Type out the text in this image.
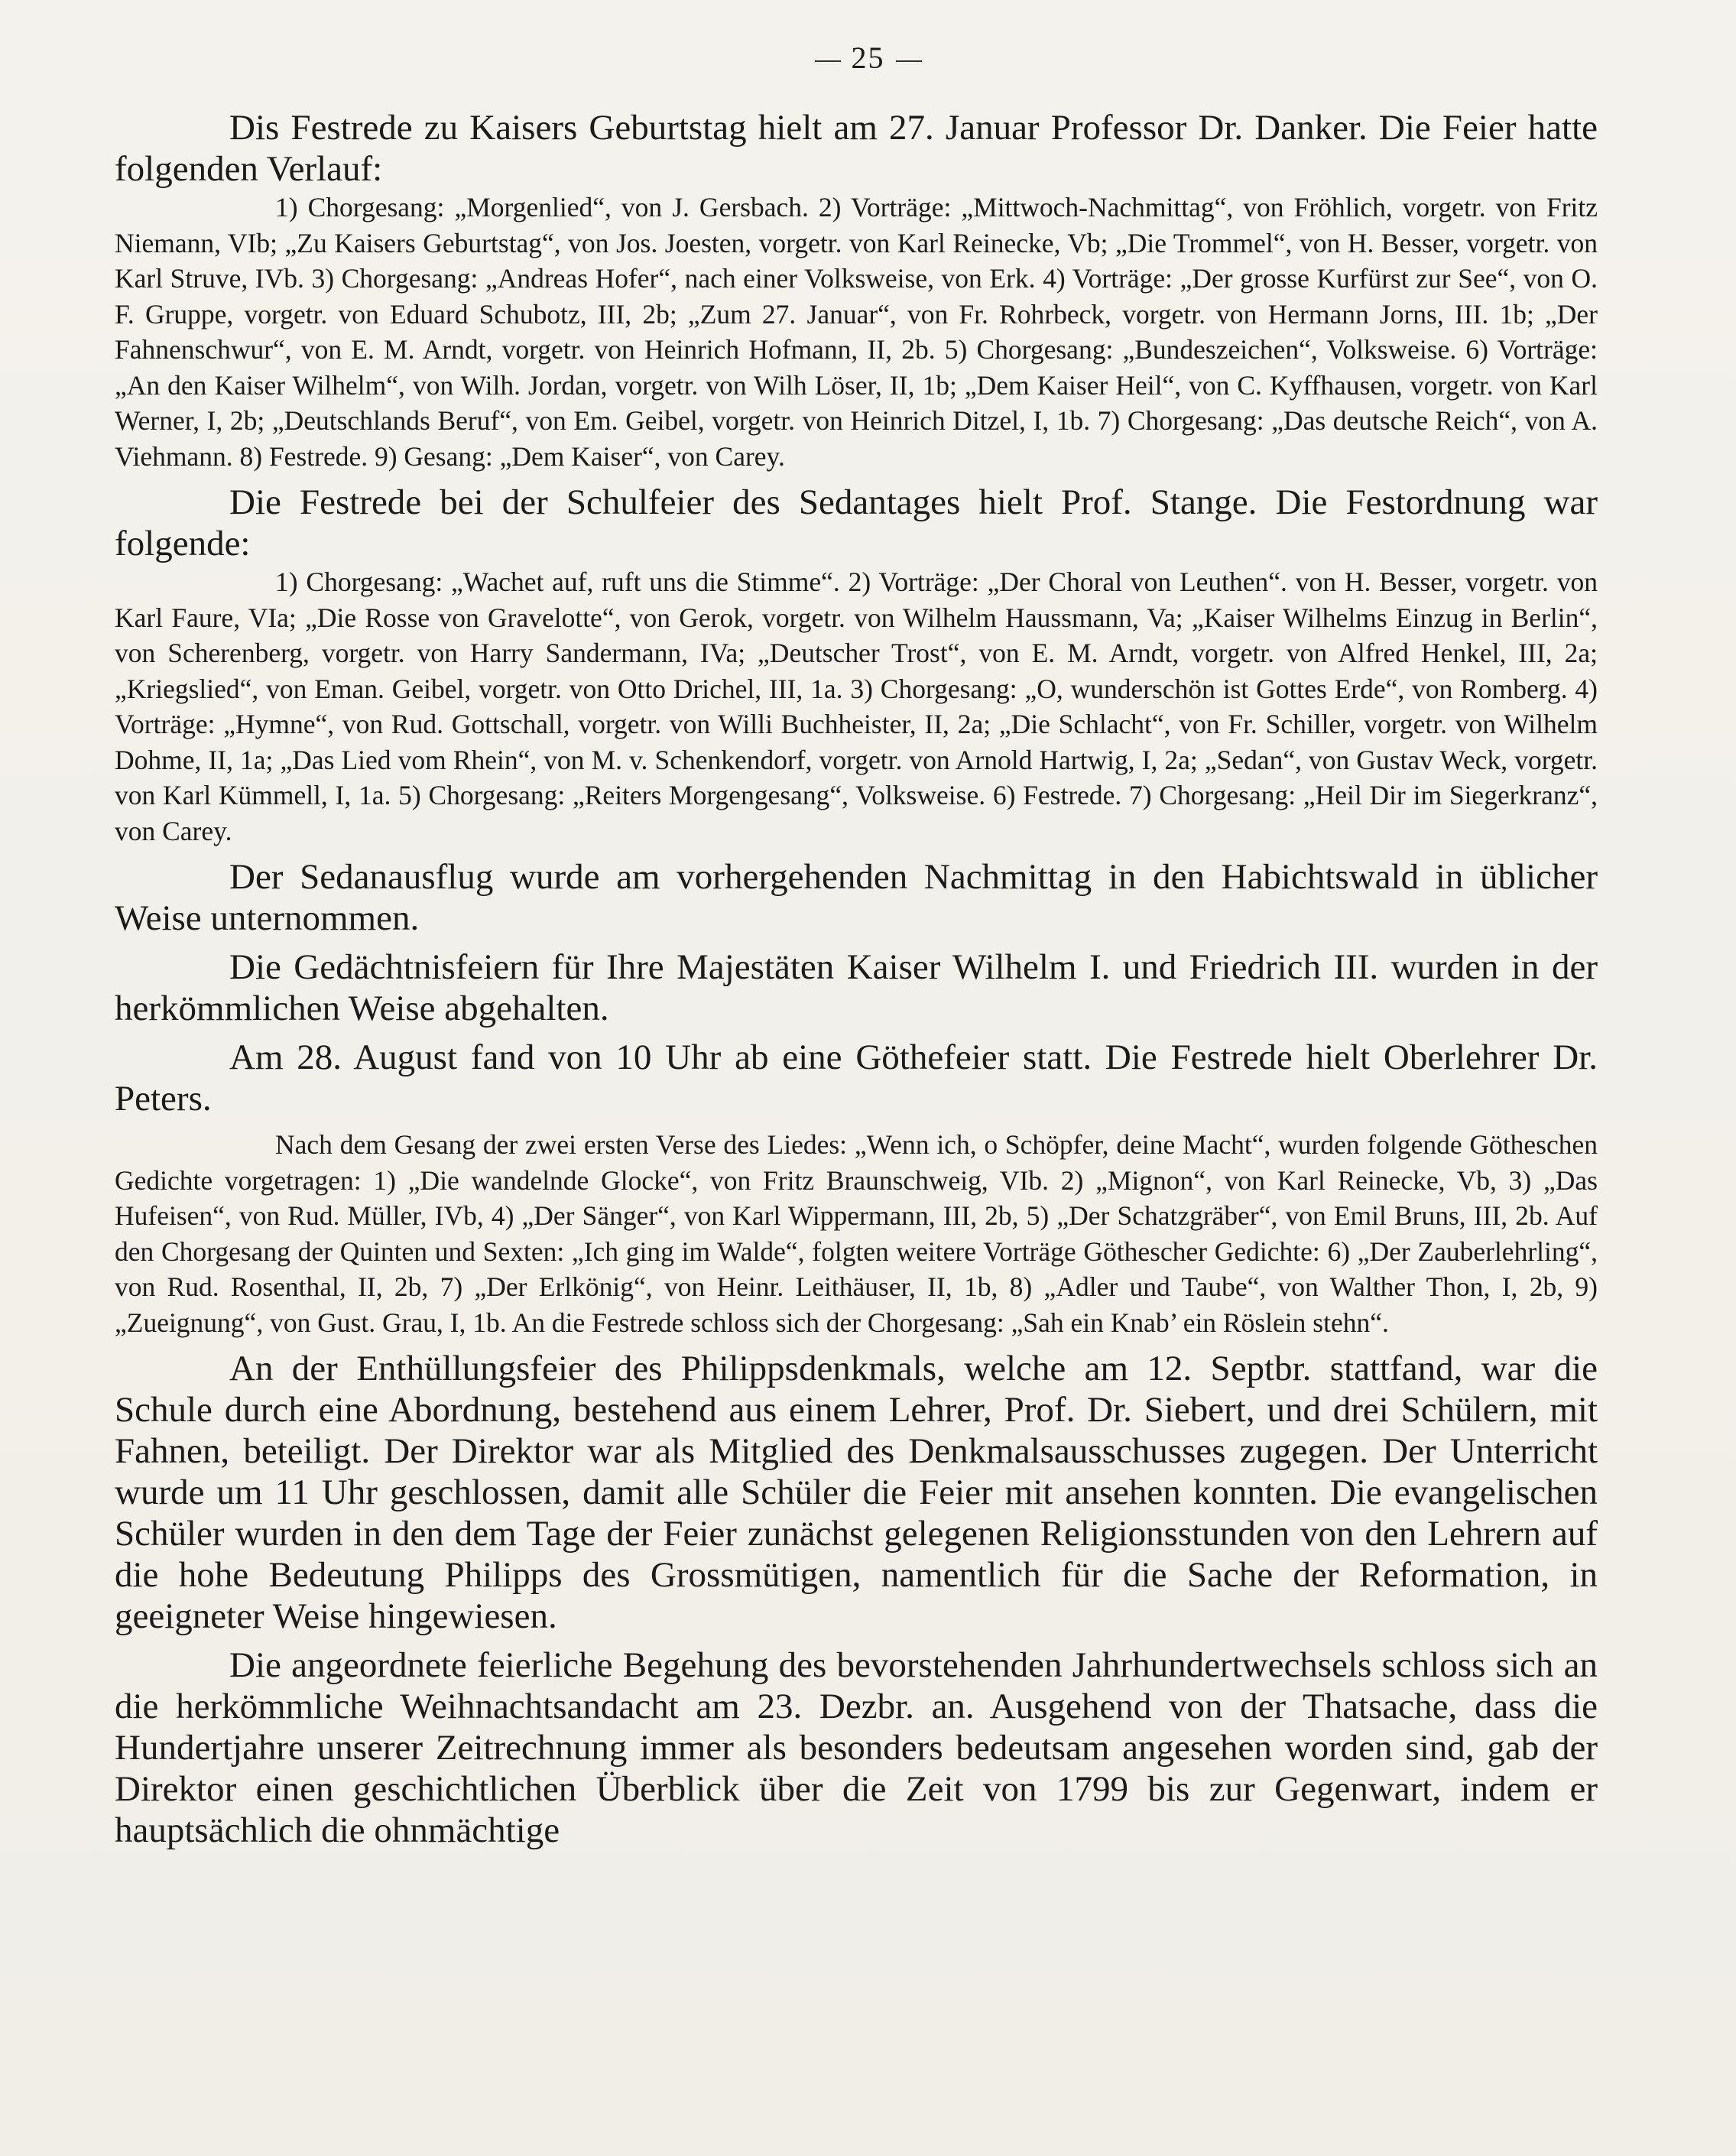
25

Dis Festrede zu Kaisers Geburtstag hielt am 27. Januar Professor Dr. Danker. Die Feier hatte folgenden Verlauf:

1) Chorgesang: „Morgenlied“, von J. Gersbach. 2) Vorträge: „Mittwoch-Nachmittag“, von Fröhlich, vorgetr. von Fritz Niemann, VIb; „Zu Kaisers Geburtstag“, von Jos. Joesten, vorgetr. von Karl Reinecke, Vb; „Die Trommel“, von H. Besser, vorgetr. von Karl Struve, IVb. 3) Chorgesang: „Andreas Hofer“, nach einer Volksweise, von Erk. 4) Vorträge: „Der grosse Kurfürst zur See“, von O. F. Gruppe, vorgetr. von Eduard Schubotz, III, 2b; „Zum 27. Januar“, von Fr. Rohrbeck, vorgetr. von Hermann Jorns, III. 1b; „Der Fahnenschwur“, von E. M. Arndt, vorgetr. von Heinrich Hofmann, II, 2b. 5) Chorgesang: „Bundeszeichen“, Volksweise. 6) Vorträge: „An den Kaiser Wilhelm“, von Wilh. Jordan, vorgetr. von Wilh Löser, II, 1b; „Dem Kaiser Heil“, von C. Kyffhausen, vorgetr. von Karl Werner, I, 2b; „Deutschlands Beruf“, von Em. Geibel, vorgetr. von Heinrich Ditzel, I, 1b. 7) Chorgesang: „Das deutsche Reich“, von A. Viehmann. 8) Festrede. 9) Gesang: „Dem Kaiser“, von Carey.

Die Festrede bei der Schulfeier des Sedantages hielt Prof. Stange. Die Festordnung war folgende:

1) Chorgesang: „Wachet auf, ruft uns die Stimme“. 2) Vorträge: „Der Choral von Leuthen“. von H. Besser, vorgetr. von Karl Faure, VIa; „Die Rosse von Gravelotte“, von Gerok, vorgetr. von Wilhelm Haussmann, Va; „Kaiser Wilhelms Einzug in Berlin“, von Scherenberg, vorgetr. von Harry Sandermann, IVa; „Deutscher Trost“, von E. M. Arndt, vorgetr. von Alfred Henkel, III, 2a; „Kriegslied“, von Eman. Geibel, vorgetr. von Otto Drichel, III, 1a. 3) Chorgesang: „O, wunderschön ist Gottes Erde“, von Romberg. 4) Vorträge: „Hymne“, von Rud. Gottschall, vorgetr. von Willi Buchheister, II, 2a; „Die Schlacht“, von Fr. Schiller, vorgetr. von Wilhelm Dohme, II, 1a; „Das Lied vom Rhein“, von M. v. Schenkendorf, vorgetr. von Arnold Hartwig, I, 2a; „Sedan“, von Gustav Weck, vorgetr. von Karl Kümmell, I, 1a. 5) Chorgesang: „Reiters Morgengesang“, Volksweise. 6) Festrede. 7) Chorgesang: „Heil Dir im Siegerkranz“, von Carey.

Der Sedanausflug wurde am vorhergehenden Nachmittag in den Habichtswald in üblicher Weise unternommen.

Die Gedächtnisfeiern für Ihre Majestäten Kaiser Wilhelm I. und Friedrich III. wurden in der herkömmlichen Weise abgehalten.

Am 28. August fand von 10 Uhr ab eine Göthefeier statt. Die Festrede hielt Oberlehrer Dr. Peters.

Nach dem Gesang der zwei ersten Verse des Liedes: „Wenn ich, o Schöpfer, deine Macht“, wurden folgende Götheschen Gedichte vorgetragen: 1) „Die wandelnde Glocke“, von Fritz Braunschweig, VIb. 2) „Mignon“, von Karl Reinecke, Vb, 3) „Das Hufeisen“, von Rud. Müller, IVb, 4) „Der Sänger“, von Karl Wippermann, III, 2b, 5) „Der Schatzgräber“, von Emil Bruns, III, 2b. Auf den Chorgesang der Quinten und Sexten: „Ich ging im Walde“, folgten weitere Vorträge Göthescher Gedichte: 6) „Der Zauberlehrling“, von Rud. Rosenthal, II, 2b, 7) „Der Erlkönig“, von Heinr. Leithäuser, II, 1b, 8) „Adler und Taube“, von Walther Thon, I, 2b, 9) „Zueignung“, von Gust. Grau, I, 1b. An die Festrede schloss sich der Chorgesang: „Sah ein Knab’ ein Röslein stehn“.

An der Enthüllungsfeier des Philippsdenkmals, welche am 12. Septbr. stattfand, war die Schule durch eine Abordnung, bestehend aus einem Lehrer, Prof. Dr. Siebert, und drei Schülern, mit Fahnen, beteiligt. Der Direktor war als Mitglied des Denkmalsausschusses zugegen. Der Unterricht wurde um 11 Uhr geschlossen, damit alle Schüler die Feier mit ansehen konnten. Die evangelischen Schüler wurden in den dem Tage der Feier zunächst gelegenen Religionsstunden von den Lehrern auf die hohe Bedeutung Philipps des Grossmütigen, namentlich für die Sache der Reformation, in geeigneter Weise hingewiesen.

Die angeordnete feierliche Begehung des bevorstehenden Jahrhundertwechsels schloss sich an die herkömmliche Weihnachtsandacht am 23. Dezbr. an. Ausgehend von der Thatsache, dass die Hundertjahre unserer Zeitrechnung immer als besonders bedeutsam angesehen worden sind, gab der Direktor einen geschichtlichen Überblick über die Zeit von 1799 bis zur Gegenwart, indem er hauptsächlich die ohnmächtige
